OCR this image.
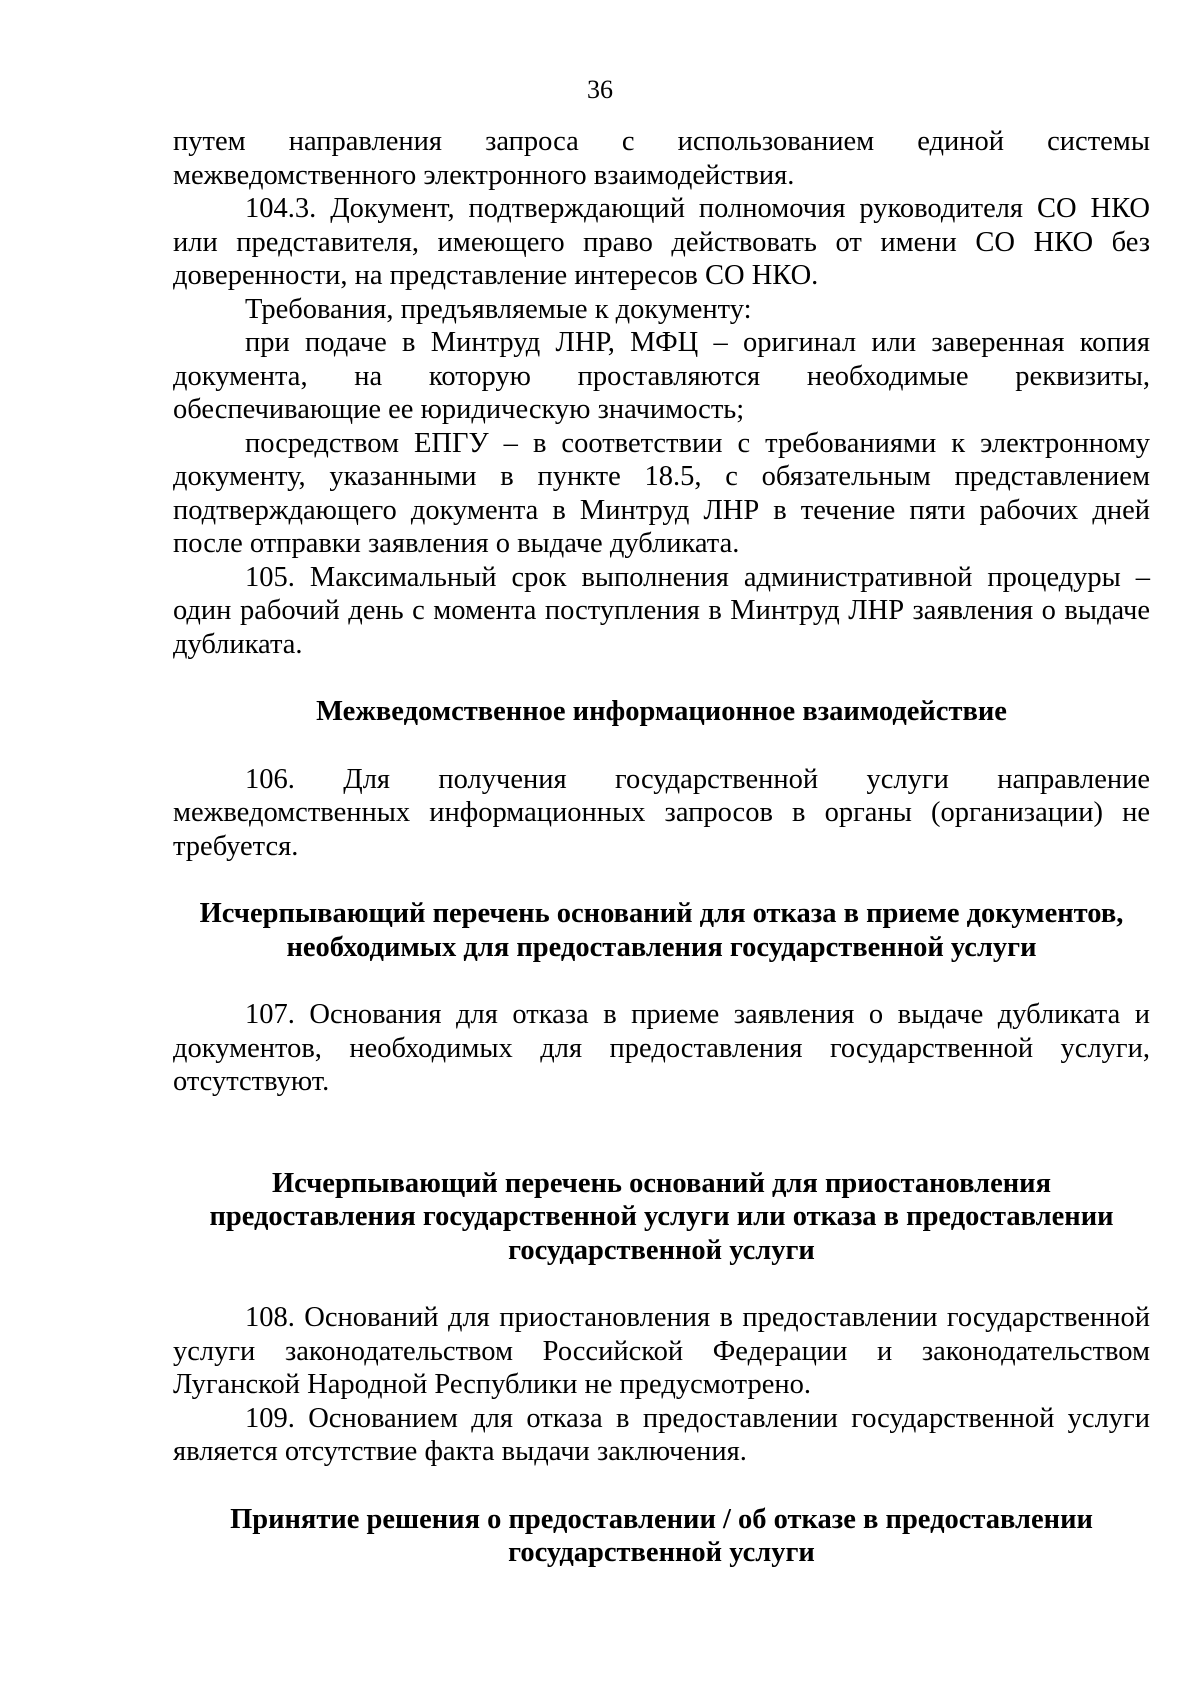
36

путем направления запроса с использованием единой системы межведомственного электронного взаимодействия.

104.3. Документ, подтверждающий полномочия руководителя СО НКО или представителя, имеющего право действовать от имени СО НКО без доверенности, на представление интересов СО НКО.

Требования, предъявляемые к документу:

при подаче в Минтруд ЛНР, МФЦ – оригинал или заверенная копия документа, на которую проставляются необходимые реквизиты, обеспечивающие ее юридическую значимость;

посредством ЕПГУ – в соответствии с требованиями к электронному документу, указанными в пункте 18.5, с обязательным представлением подтверждающего документа в Минтруд ЛНР в течение пяти рабочих дней после отправки заявления о выдаче дубликата.

105. Максимальный срок выполнения административной процедуры – один рабочий день с момента поступления в Минтруд ЛНР заявления о выдаче дубликата.

Межведомственное информационное взаимодействие

106. Для получения государственной услуги направление межведомственных информационных запросов в органы (организации) не требуется.

Исчерпывающий перечень оснований для отказа в приеме документов,
необходимых для предоставления государственной услуги

107. Основания для отказа в приеме заявления о выдаче дубликата и документов, необходимых для предоставления государственной услуги, отсутствуют.

Исчерпывающий перечень оснований для приостановления
предоставления государственной услуги или отказа в предоставлении
государственной услуги

108. Оснований для приостановления в предоставлении государственной услуги законодательством Российской Федерации и законодательством Луганской Народной Республики не предусмотрено.

109. Основанием для отказа в предоставлении государственной услуги является отсутствие факта выдачи заключения.

Принятие решения о предоставлении / об отказе в предоставлении
государственной услуги
